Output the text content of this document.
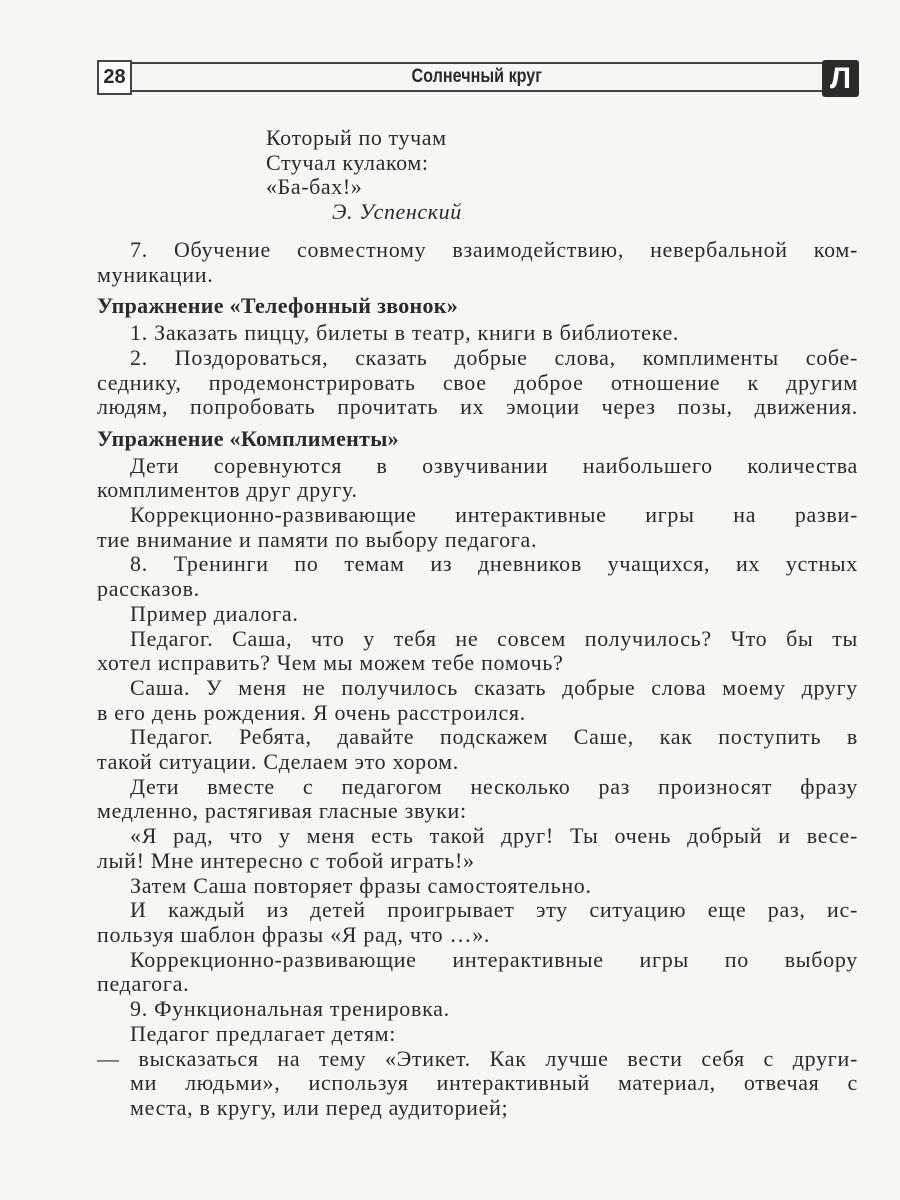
28	Солнечный круг	Л
Который по тучам
Стучал кулаком:
«Ба-бах!»
Э. Успенский
7. Обучение совместному взаимодействию, невербальной ком-
муникации.
Упражнение «Телефонный звонок»
1. Заказать пиццу, билеты в театр, книги в библиотеке.
2. Поздороваться, сказать добрые слова, комплименты собе-
седнику, продемонстрировать свое доброе отношение к другим
людям, попробовать прочитать их эмоции через позы, движения.
Упражнение «Комплименты»
Дети соревнуются в озвучивании наибольшего количества
комплиментов друг другу.
Коррекционно-развивающие интерактивные игры на разви-
тие внимание и памяти по выбору педагога.
8. Тренинги по темам из дневников учащихся, их устных
рассказов.
Пример диалога.
Педагог. Саша, что у тебя не совсем получилось? Что бы ты
хотел исправить? Чем мы можем тебе помочь?
Саша. У меня не получилось сказать добрые слова моему другу
в его день рождения. Я очень расстроился.
Педагог. Ребята, давайте подскажем Саше, как поступить в
такой ситуации. Сделаем это хором.
Дети вместе с педагогом несколько раз произносят фразу
медленно, растягивая гласные звуки:
«Я рад, что у меня есть такой друг! Ты очень добрый и весе-
лый! Мне интересно с тобой играть!»
Затем Саша повторяет фразы самостоятельно.
И каждый из детей проигрывает эту ситуацию еще раз, ис-
пользуя шаблон фразы «Я рад, что …».
Коррекционно-развивающие интерактивные игры по выбору
педагога.
9. Функциональная тренировка.
Педагог предлагает детям:
— высказаться на тему «Этикет. Как лучше вести себя с други-
ми людьми», используя интерактивный материал, отвечая с
места, в кругу, или перед аудиторией;
